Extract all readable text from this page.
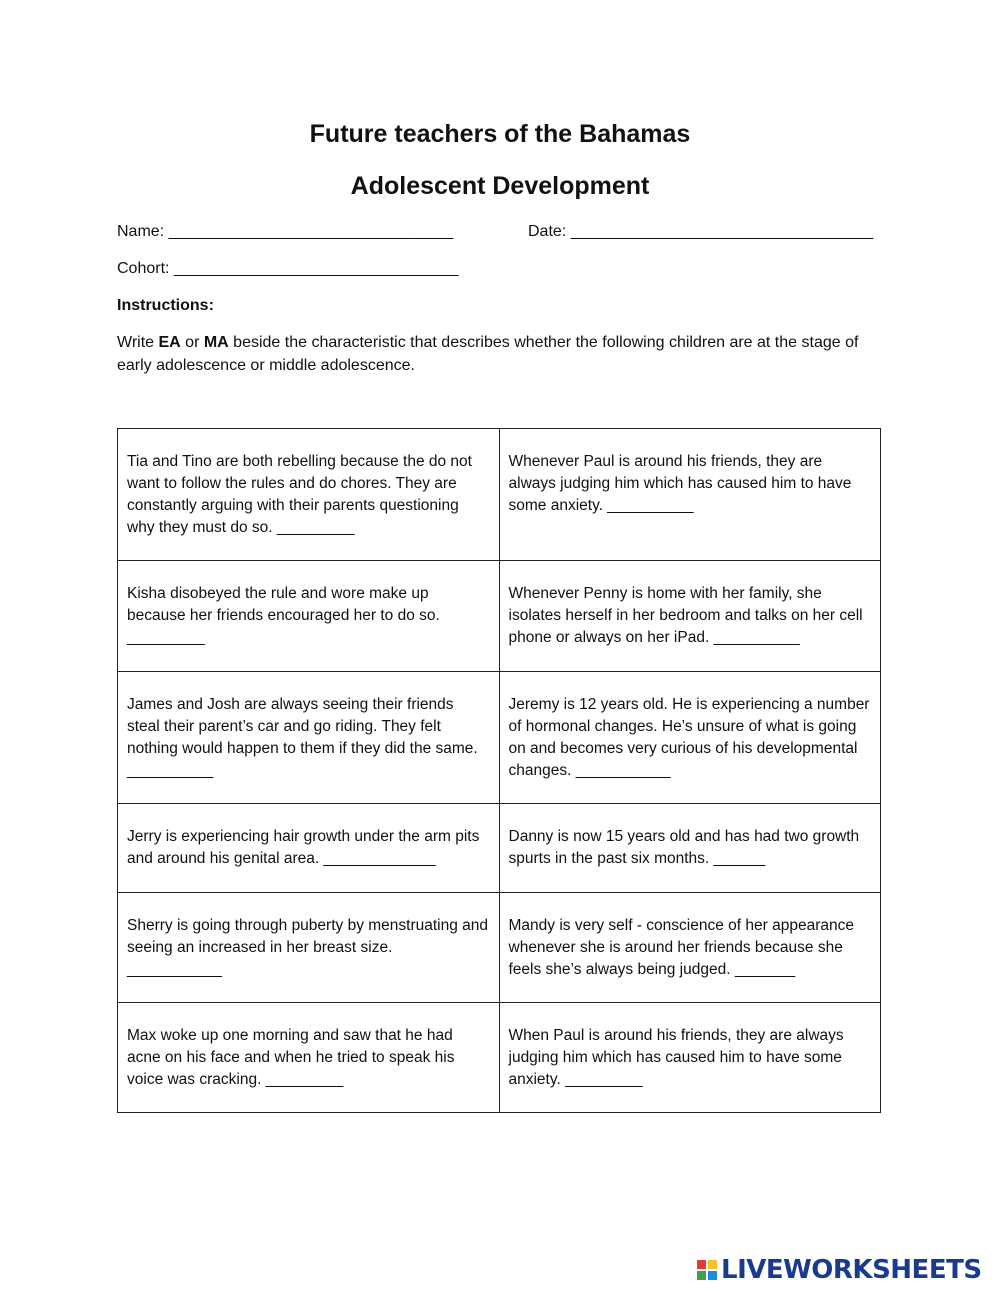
Future teachers of the Bahamas
Adolescent Development
Name: ________________________________	Date: __________________________________
Cohort: ________________________________
Instructions:
Write EA or MA beside the characteristic that describes whether the following children are at the stage of early adolescence or middle adolescence.
Tia and Tino are both rebelling because the do not want to follow the rules and do chores. They are constantly arguing with their parents questioning why they must do so. _________	Whenever Paul is around his friends, they are always judging him which has caused him to have some anxiety. __________
Kisha disobeyed the rule and wore make up because her friends encouraged her to do so. _________	Whenever Penny is home with her family, she isolates herself in her bedroom and talks on her cell phone or always on her iPad. __________
James and Josh are always seeing their friends steal their parent’s car and go riding. They felt nothing would happen to them if they did the same. __________	Jeremy is 12 years old. He is experiencing a number of hormonal changes. He’s unsure of what is going on and becomes very curious of his developmental changes. ___________
Jerry is experiencing hair growth under the arm pits and around his genital area. _____________	Danny is now 15 years old and has had two growth spurts in the past six months. ______
Sherry is going through puberty by menstruating and seeing an increased in her breast size. ___________	Mandy is very self - conscience of her appearance whenever she is around her friends because she feels she’s always being judged. _______
Max woke up one morning and saw that he had acne on his face and when he tried to speak his voice was cracking. _________	When Paul is around his friends, they are always judging him which has caused him to have some anxiety. _________
LIVEWORKSHEETS
